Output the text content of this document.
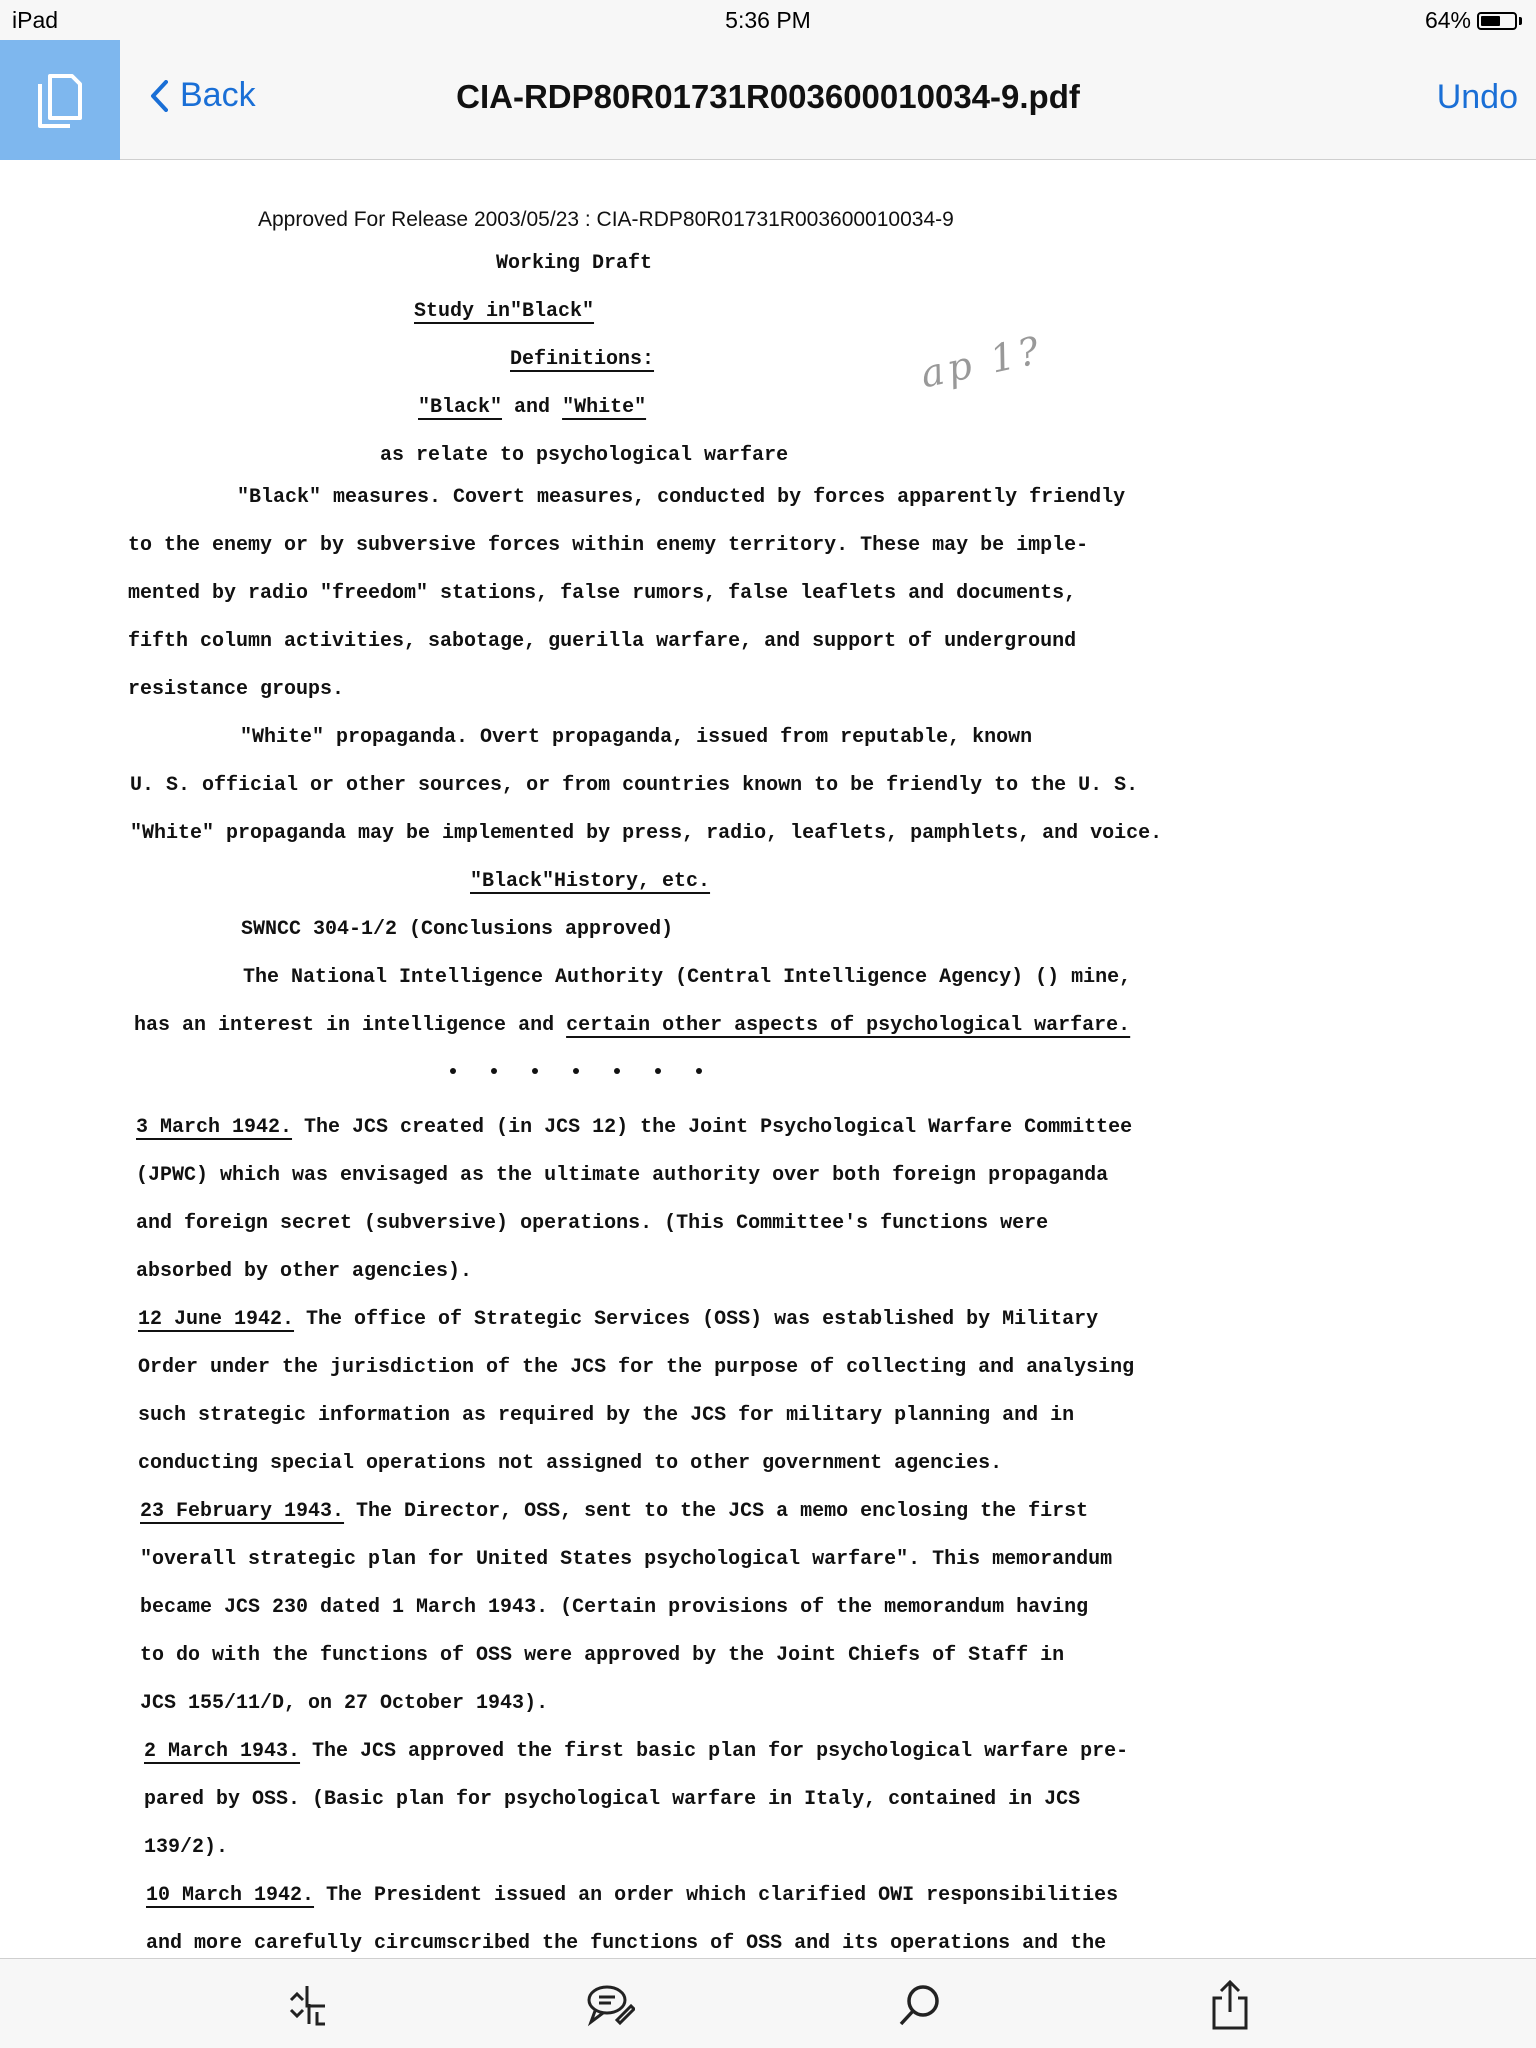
iPad	5:36 PM	64%
Back	CIA-RDP80R01731R003600010034-9.pdf	Undo
Approved For Release 2003/05/23 : CIA-RDP80R01731R003600010034-9
Working Draft
Study in"Black"
Definitions:	ap 1?
"Black" and "White"
as relate to psychological warfare
"Black" measures. Covert measures, conducted by forces apparently friendly
to the enemy or by subversive forces within enemy territory. These may be imple-
mented by radio "freedom" stations, false rumors, false leaflets and documents,
fifth column activities, sabotage, guerilla warfare, and support of underground
resistance groups.
"White" propaganda. Overt propaganda, issued from reputable, known
U. S. official or other sources, or from countries known to be friendly to the U. S.
"White" propaganda may be implemented by press, radio, leaflets, pamphlets, and voice.
"Black"History, etc.
SWNCC 304-1/2 (Conclusions approved)
The National Intelligence Authority (Central Intelligence Agency) () mine,
has an interest in intelligence and certain other aspects of psychological warfare.
3 March 1942. The JCS created (in JCS 12) the Joint Psychological Warfare Committee
(JPWC) which was envisaged as the ultimate authority over both foreign propaganda
and foreign secret (subversive) operations. (This Committee's functions were
absorbed by other agencies).
12 June 1942. The office of Strategic Services (OSS) was established by Military
Order under the jurisdiction of the JCS for the purpose of collecting and analysing
such strategic information as required by the JCS for military planning and in
conducting special operations not assigned to other government agencies.
23 February 1943. The Director, OSS, sent to the JCS a memo enclosing the first
"overall strategic plan for United States psychological warfare". This memorandum
became JCS 230 dated 1 March 1943. (Certain provisions of the memorandum having
to do with the functions of OSS were approved by the Joint Chiefs of Staff in
JCS 155/11/D, on 27 October 1943).
2 March 1943. The JCS approved the first basic plan for psychological warfare pre-
pared by OSS. (Basic plan for psychological warfare in Italy, contained in JCS
139/2).
10 March 1942. The President issued an order which clarified OWI responsibilities
and more carefully circumscribed the functions of OSS and its operations and the
